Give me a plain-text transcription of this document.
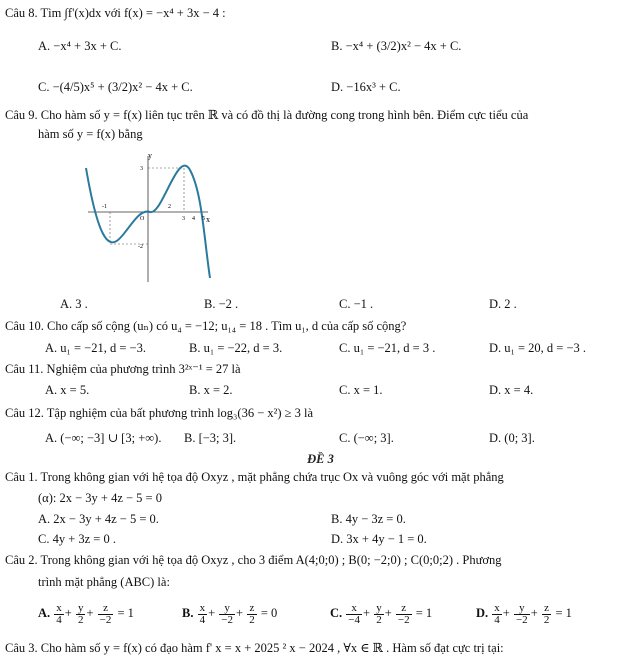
Câu 8. Tìm ∫f'(x)dx với f(x) = −x⁴ + 3x − 4 :
A. −x⁴ + 3x + C.	B. −x⁴ + (3/2)x² − 4x + C.
C. −(4/5)x⁵ + (3/2)x² − 4x + C.	D. −16x³ + C.
Câu 9. Cho hàm số y = f(x) liên tục trên ℝ và có đồ thị là đường cong trong hình bên. Điểm cực tiểu của
hàm số y = f(x) bằng
y
x
3
-1
O
2
3 4 5
-2
A. 3 .	B. −2 .	C. −1 .	D. 2 .
Câu 10. Cho cấp số cộng (uₙ) có u₄ = −12; u₁₄ = 18 . Tìm u₁, d của cấp số cộng?
A. u₁ = −21, d = −3.	B. u₁ = −22, d = 3.	C. u₁ = −21, d = 3 .	D. u₁ = 20, d = −3 .
Câu 11. Nghiệm của phương trình 3²ˣ⁻¹ = 27 là
A. x = 5.	B. x = 2.	C. x = 1.	D. x = 4.
Câu 12. Tập nghiệm của bất phương trình log₃(36 − x²) ≥ 3 là
A. (−∞; −3] ∪ [3; +∞). B. [−3; 3].	C. (−∞; 3].	D. (0; 3].
ĐỀ 3
Câu 1. Trong không gian với hệ tọa độ Oxyz , mặt phẳng chứa trục Ox và vuông góc với mặt phẳng
(α): 2x − 3y + 4z − 5 = 0
A. 2x − 3y + 4z − 5 = 0.	B. 4y − 3z = 0.
C. 4y + 3z = 0 .	D. 3x + 4y − 1 = 0.
Câu 2. Trong không gian với hệ tọa độ Oxyz , cho 3 điểm A(4;0;0) ; B(0; −2;0) ; C(0;0;2) . Phương
trình mặt phẳng (ABC) là:
A. $\frac{x}{4} + \frac{y}{2} + \frac{z}{-2} = 1$	B. $\frac{x}{4} + \frac{y}{-2} + \frac{z}{2} = 0$	C. $\frac{x}{-4} + \frac{y}{2} + \frac{z}{-2} = 1$	D. $\frac{x}{4} + \frac{y}{-2} + \frac{z}{2} = 1$
Câu 3. Cho hàm số y = f(x) có đạo hàm f' x = x + 2025 ² x − 2024 , ∀x ∈ ℝ . Hàm số đạt cực trị tại:
